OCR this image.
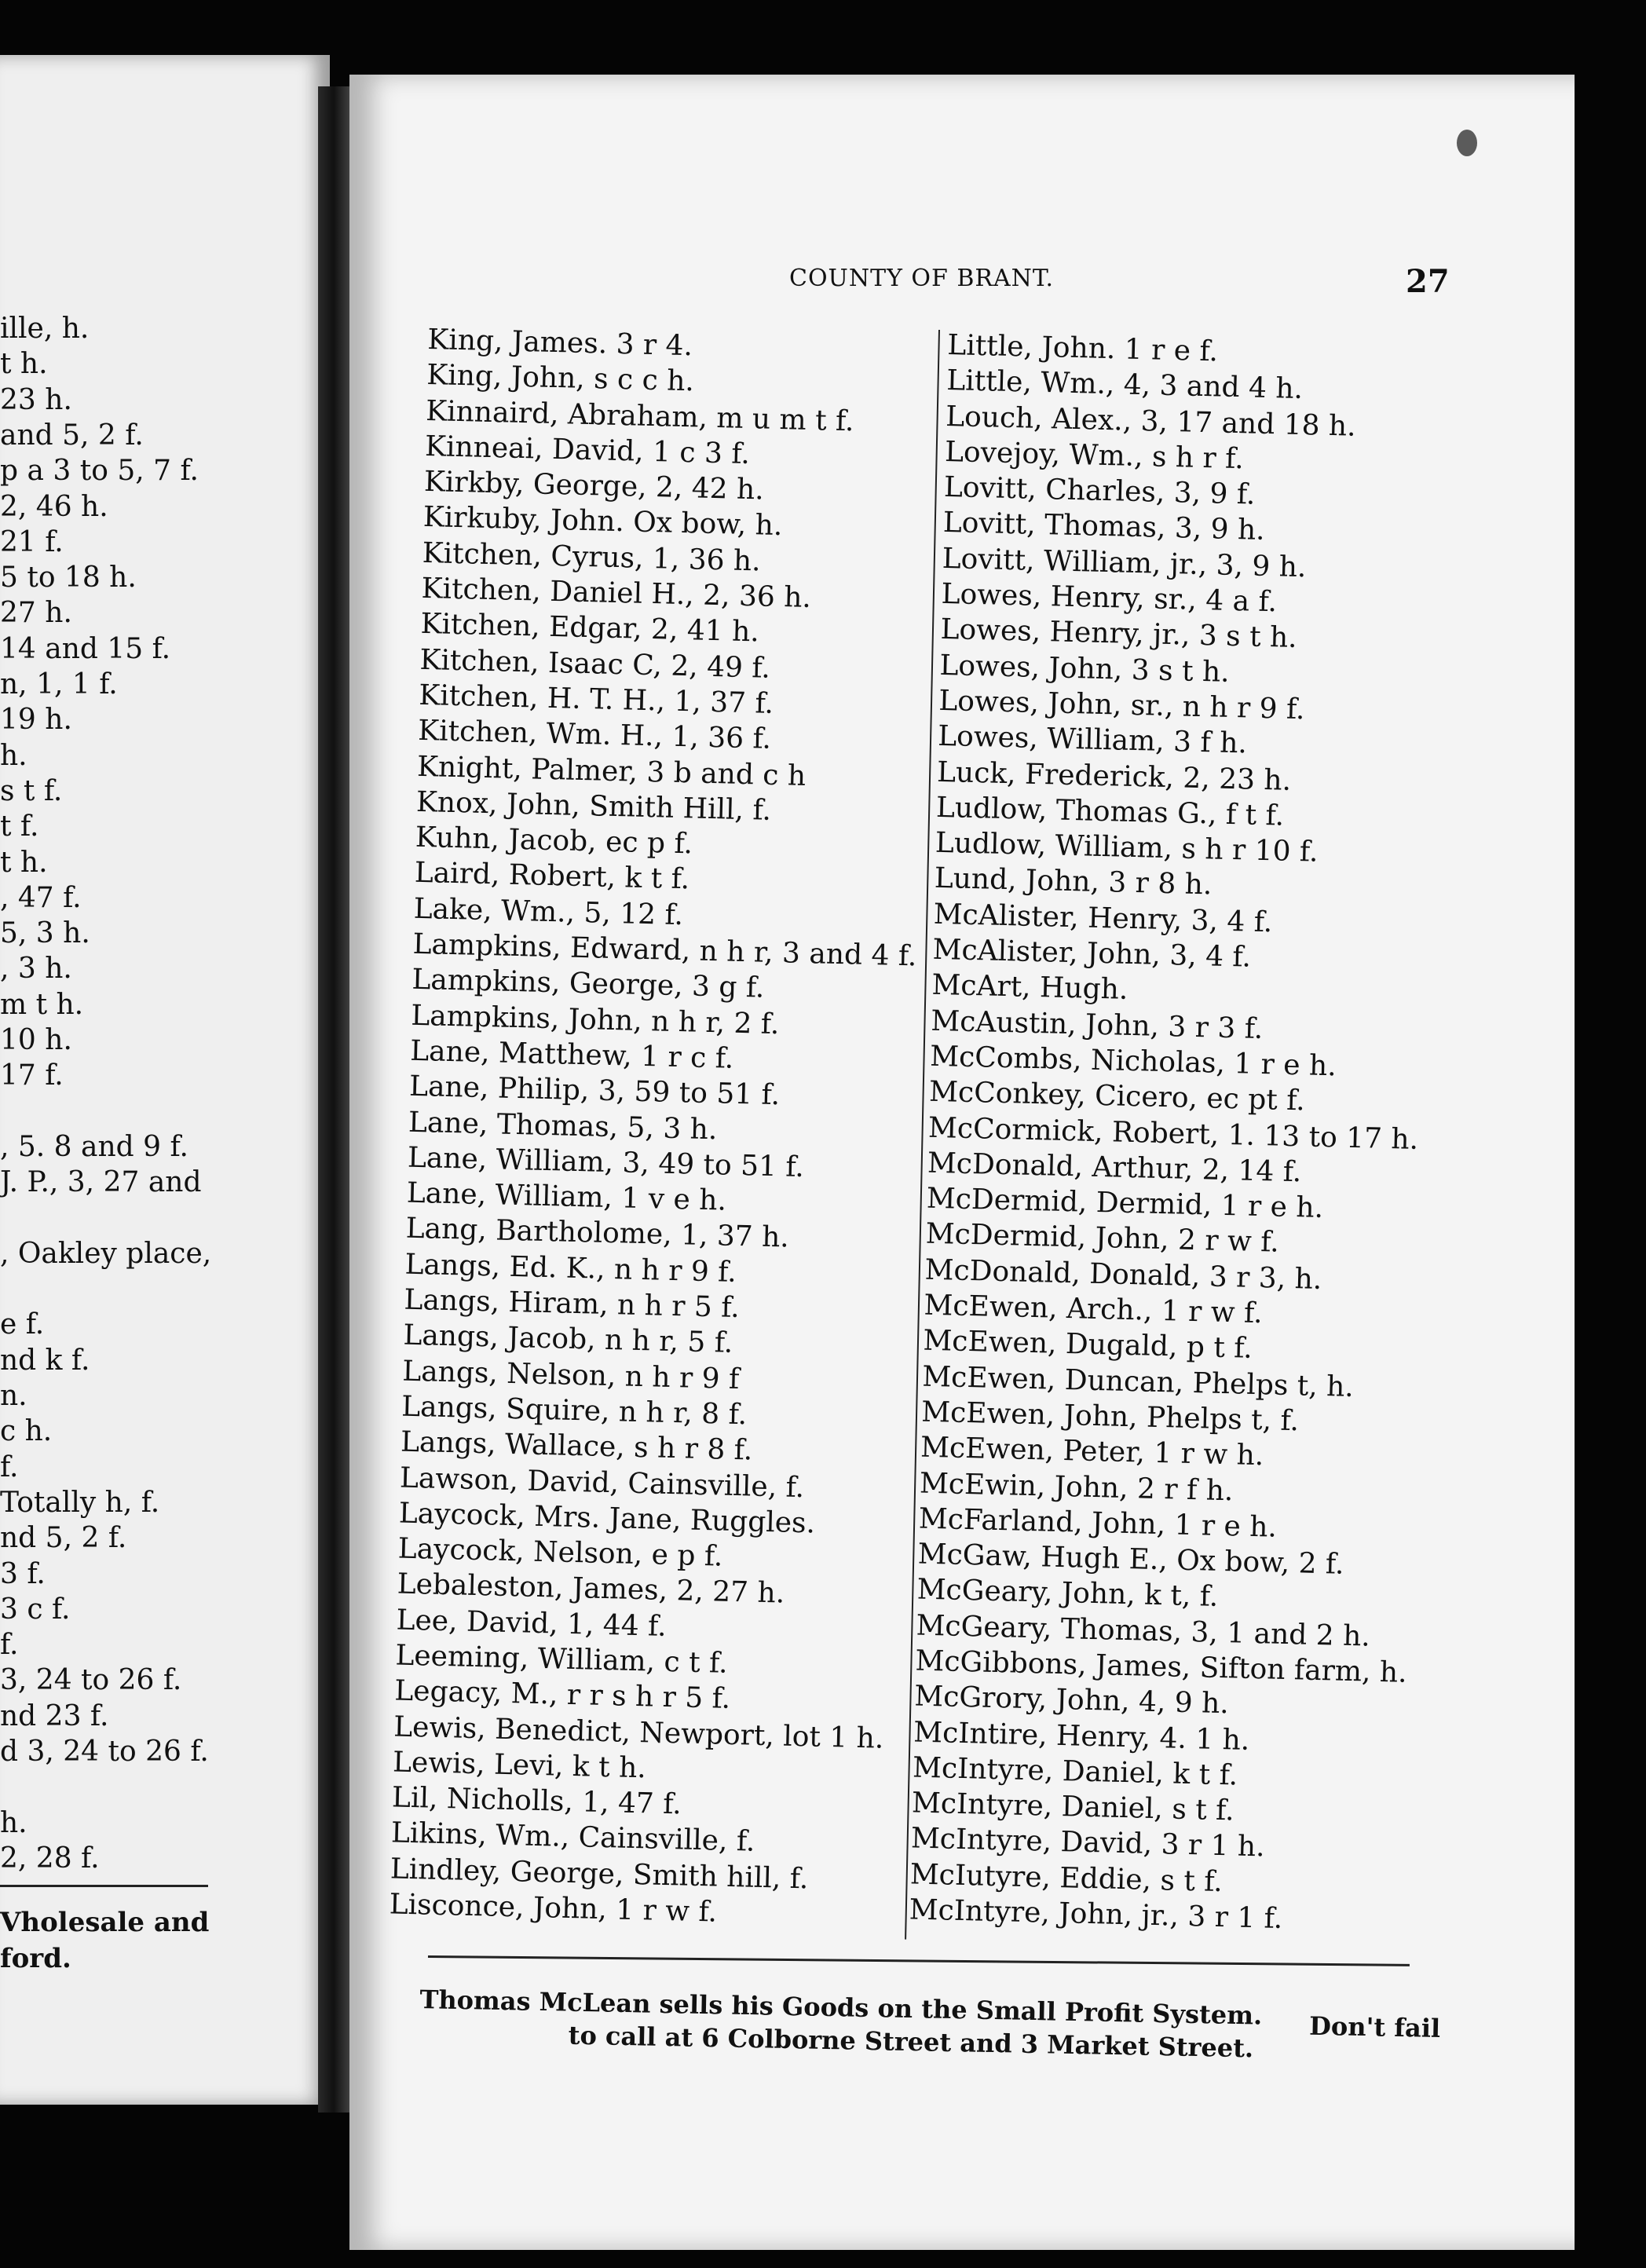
ille, h.
t h.
23 h.
and 5, 2 f.
p a 3 to 5, 7 f.
2, 46 h.
21 f.
5 to 18 h.
27 h.
14 and 15 f.
n, 1, 1 f.
19 h.
h.
s t f.
t f.
t h.
, 47 f.
5, 3 h.
, 3 h.
m t h.
10 h.
17 f.
, 5. 8 and 9 f.
J. P., 3, 27 and
, Oakley place,
e f.
nd k f.
n.
c h.
f.
Totally h, f.
nd 5, 2 f.
3 f.
3 c f.
f.
3, 24 to 26 f.
nd 23 f.
d 3, 24 to 26 f.
h.
2, 28 f.
Vholesale and
ford.
COUNTY OF BRANT.	27
King, James. 3 r 4.
King, John, s c c h.
Kinnaird, Abraham, m u m t f.
Kinneai, David, 1 c 3 f.
Kirkby, George, 2, 42 h.
Kirkuby, John. Ox bow, h.
Kitchen, Cyrus, 1, 36 h.
Kitchen, Daniel H., 2, 36 h.
Kitchen, Edgar, 2, 41 h.
Kitchen, Isaac C, 2, 49 f.
Kitchen, H. T. H., 1, 37 f.
Kitchen, Wm. H., 1, 36 f.
Knight, Palmer, 3 b and c h
Knox, John, Smith Hill, f.
Kuhn, Jacob, ec p f.
Laird, Robert, k t f.
Lake, Wm., 5, 12 f.
Lampkins, Edward, n h r, 3 and 4 f.
Lampkins, George, 3 g f.
Lampkins, John, n h r, 2 f.
Lane, Matthew, 1 r c f.
Lane, Philip, 3, 59 to 51 f.
Lane, Thomas, 5, 3 h.
Lane, William, 3, 49 to 51 f.
Lane, William, 1 v e h.
Lang, Bartholome, 1, 37 h.
Langs, Ed. K., n h r 9 f.
Langs, Hiram, n h r 5 f.
Langs, Jacob, n h r, 5 f.
Langs, Nelson, n h r 9 f
Langs, Squire, n h r, 8 f.
Langs, Wallace, s h r 8 f.
Lawson, David, Cainsville, f.
Laycock, Mrs. Jane, Ruggles.
Laycock, Nelson, e p f.
Lebaleston, James, 2, 27 h.
Lee, David, 1, 44 f.
Leeming, William, c t f.
Legacy, M., r r s h r 5 f.
Lewis, Benedict, Newport, lot 1 h.
Lewis, Levi, k t h.
Lil, Nicholls, 1, 47 f.
Likins, Wm., Cainsville, f.
Lindley, George, Smith hill, f.
Lisconce, John, 1 r w f.
Little, John. 1 r e f.
Little, Wm., 4, 3 and 4 h.
Louch, Alex., 3, 17 and 18 h.
Lovejoy, Wm., s h r f.
Lovitt, Charles, 3, 9 f.
Lovitt, Thomas, 3, 9 h.
Lovitt, William, jr., 3, 9 h.
Lowes, Henry, sr., 4 a f.
Lowes, Henry, jr., 3 s t h.
Lowes, John, 3 s t h.
Lowes, John, sr., n h r 9 f.
Lowes, William, 3 f h.
Luck, Frederick, 2, 23 h.
Ludlow, Thomas G., f t f.
Ludlow, William, s h r 10 f.
Lund, John, 3 r 8 h.
McAlister, Henry, 3, 4 f.
McAlister, John, 3, 4 f.
McArt, Hugh.
McAustin, John, 3 r 3 f.
McCombs, Nicholas, 1 r e h.
McConkey, Cicero, ec pt f.
McCormick, Robert, 1. 13 to 17 h.
McDonald, Arthur, 2, 14 f.
McDermid, Dermid, 1 r e h.
McDermid, John, 2 r w f.
McDonald, Donald, 3 r 3, h.
McEwen, Arch., 1 r w f.
McEwen, Dugald, p t f.
McEwen, Duncan, Phelps t, h.
McEwen, John, Phelps t, f.
McEwen, Peter, 1 r w h.
McEwin, John, 2 r f h.
McFarland, John, 1 r e h.
McGaw, Hugh E., Ox bow, 2 f.
McGeary, John, k t, f.
McGeary, Thomas, 3, 1 and 2 h.
McGibbons, James, Sifton farm, h.
McGrory, John, 4, 9 h.
McIntire, Henry, 4. 1 h.
McIntyre, Daniel, k t f.
McIntyre, Daniel, s t f.
McIntyre, David, 3 r 1 h.
McIutyre, Eddie, s t f.
McIntyre, John, jr., 3 r 1 f.
Thomas McLean sells his Goods on the Small Profit System.
to call at 6 Colborne Street and 3 Market Street.	Don't fail
